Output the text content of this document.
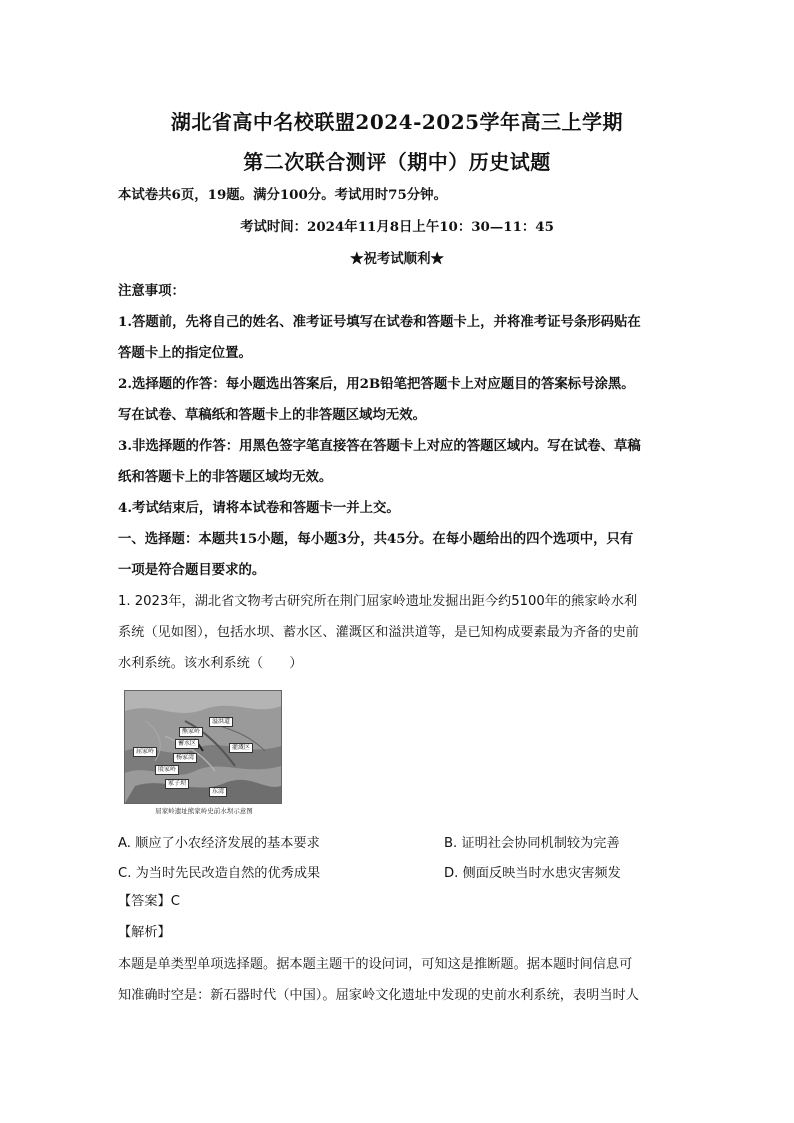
湖北省高中名校联盟2024-2025学年高三上学期
第二次联合测评（期中）历史试题
本试卷共6页，19题。满分100分。考试用时75分钟。
考试时间：2024年11月8日上午10：30—11：45
★祝考试顺利★
注意事项：
1.答题前，先将自己的姓名、准考证号填写在试卷和答题卡上，并将准考证号条形码贴在
答题卡上的指定位置。
2.选择题的作答：每小题选出答案后，用2B铅笔把答题卡上对应题目的答案标号涂黑。
写在试卷、草稿纸和答题卡上的非答题区域均无效。
3.非选择题的作答：用黑色签字笔直接答在答题卡上对应的答题区域内。写在试卷、草稿
纸和答题卡上的非答题区域均无效。
4.考试结束后，请将本试卷和答题卡一并上交。
一、选择题：本题共15小题，每小题3分，共45分。在每小题给出的四个选项中，只有
一项是符合题目要求的。
1. 2023年，湖北省文物考古研究所在荆门屈家岭遗址发掘出距今约5100年的熊家岭水利
系统（见如图），包括水坝、蓄水区、灌溉区和溢洪道等，是已知构成要素最为齐备的史前
水利系统。该水利系统（　　）
溢洪道
熊家岭
蓄水区
屈家岭
杨家湾
灌溉区
冢子坝
东湾
殷家岭
屈家岭遗址熊家岭史前水坝示意图
A. 顺应了小农经济发展的基本要求	B. 证明社会协同机制较为完善
C. 为当时先民改造自然的优秀成果	D. 侧面反映当时水患灾害频发
【答案】C
【解析】
本题是单类型单项选择题。据本题主题干的设问词，可知这是推断题。据本题时间信息可
知准确时空是：新石器时代（中国）。屈家岭文化遗址中发现的史前水利系统，表明当时人
